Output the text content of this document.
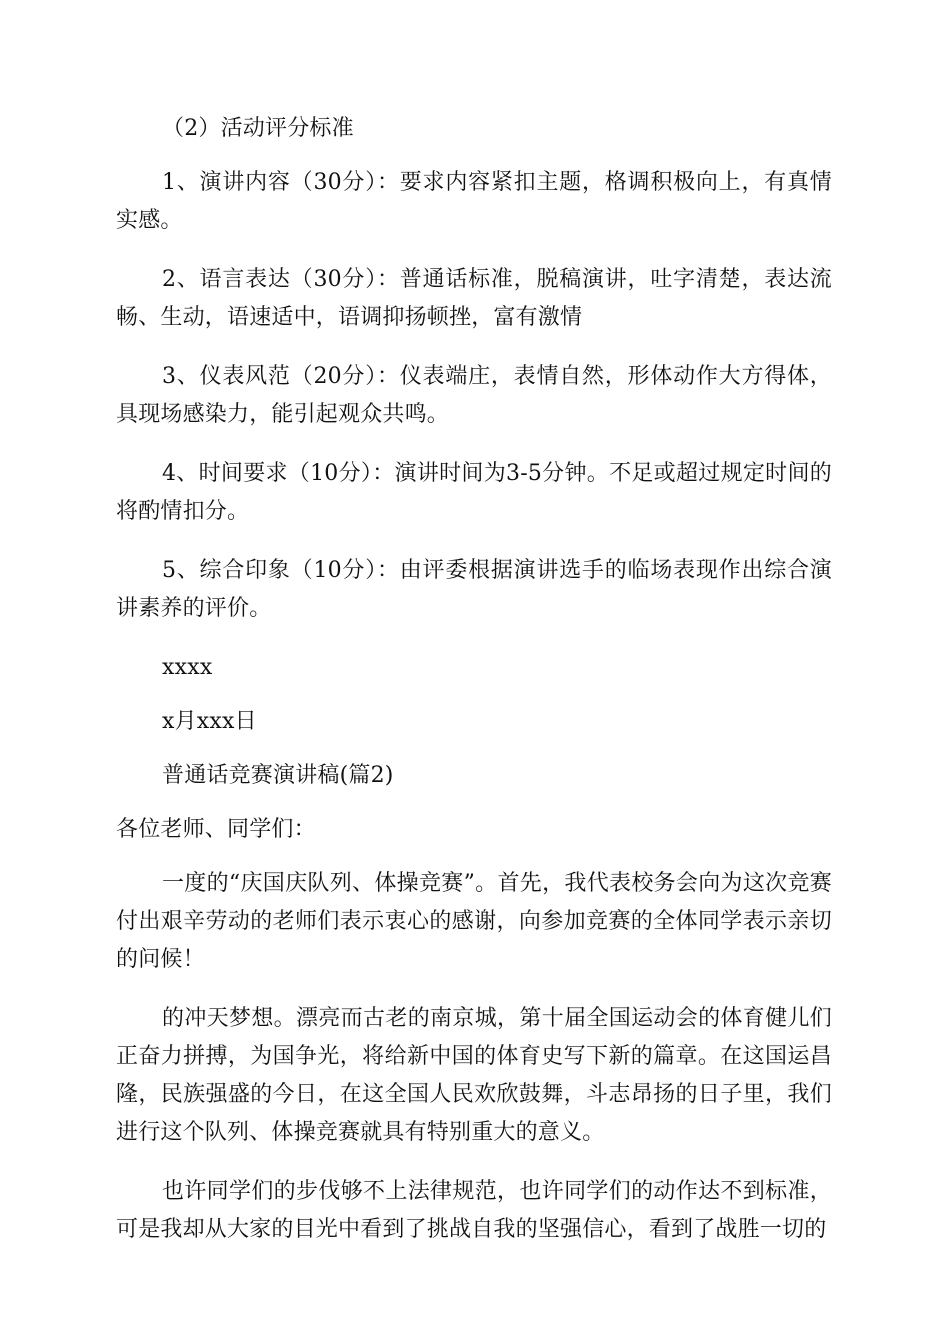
（2）活动评分标准

1、演讲内容（30分）：要求内容紧扣主题，格调积极向上，有真情实感。

2、语言表达（30分）：普通话标准，脱稿演讲，吐字清楚，表达流畅、生动，语速适中，语调抑扬顿挫，富有激情

3、仪表风范（20分）：仪表端庄，表情自然，形体动作大方得体，具现场感染力，能引起观众共鸣。

4、时间要求（10分）：演讲时间为3-5分钟。不足或超过规定时间的将酌情扣分。

5、综合印象（10分）：由评委根据演讲选手的临场表现作出综合演讲素养的评价。

xxxx

x月xxx日

普通话竞赛演讲稿(篇2)

各位老师、同学们：

一度的“庆国庆队列、体操竞赛”。首先，我代表校务会向为这次竞赛付出艰辛劳动的老师们表示衷心的感谢，向参加竞赛的全体同学表示亲切的问候！

的冲天梦想。漂亮而古老的南京城，第十届全国运动会的体育健儿们正奋力拼搏，为国争光，将给新中国的体育史写下新的篇章。在这国运昌隆，民族强盛的今日，在这全国人民欢欣鼓舞，斗志昂扬的日子里，我们进行这个队列、体操竞赛就具有特别重大的意义。

也许同学们的步伐够不上法律规范，也许同学们的动作达不到标准，可是我却从大家的目光中看到了挑战自我的坚强信心，看到了战胜一切的
